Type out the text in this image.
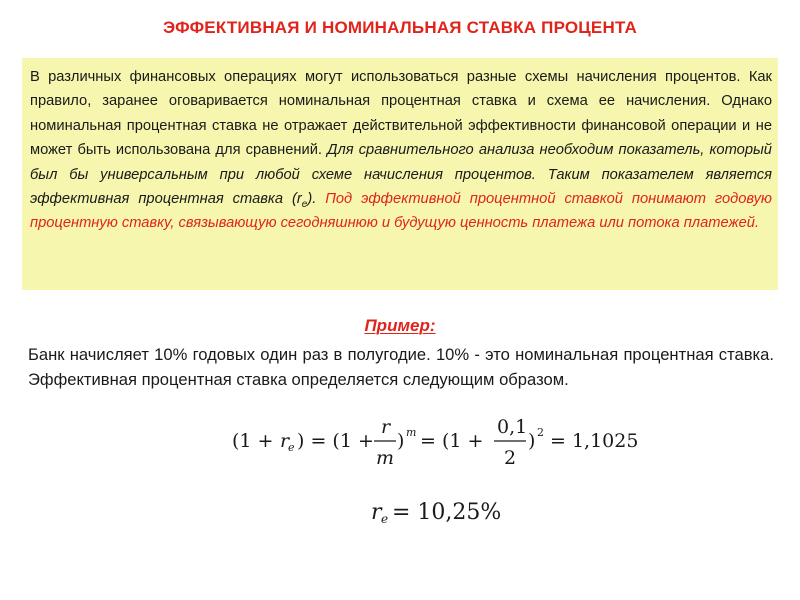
ЭФФЕКТИВНАЯ И НОМИНАЛЬНАЯ СТАВКА ПРОЦЕНТА
В различных финансовых операциях могут использоваться разные схемы начисления процентов. Как правило, заранее оговаривается номинальная процентная ставка и схема ее начисления. Однако номинальная процентная ставка не отражает действительной эффективности финансовой операции и не может быть использована для сравнений. Для сравнительного анализа необходим показатель, который был бы универсальным при любой схеме начисления процентов. Таким показателем является эффективная процентная ставка $(r_e)$. Под эффективной процентной ставкой понимают годовую процентную ставку, связывающую сегодняшнюю и будущую ценность платежа или потока платежей.
Пример:
Банк начисляет 10% годовых один раз в полугодие. 10% - это номинальная процентная ставка. Эффективная процентная ставка определяется следующим образом.
(1 + r
e ) = (1 +
r
m
) m = (1 +
0,1
2
) 2 = 1,1025
r e = 10,25%
